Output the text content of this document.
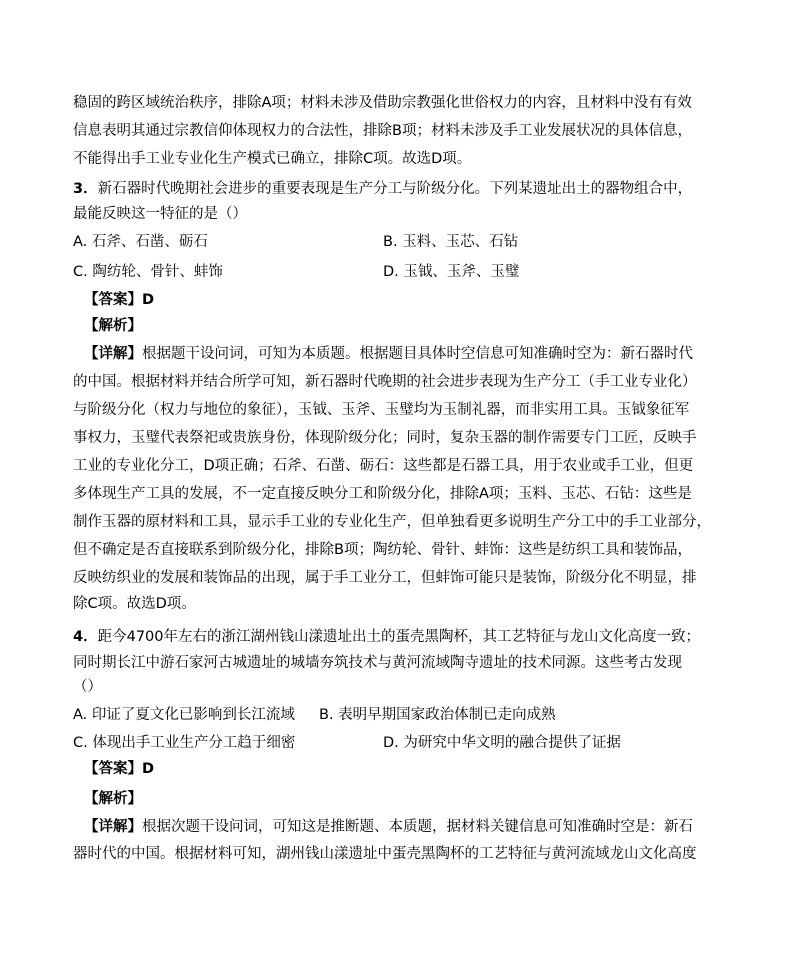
稳固的跨区域统治秩序，排除A项；材料未涉及借助宗教强化世俗权力的内容，且材料中没有有效
信息表明其通过宗教信仰体现权力的合法性，排除B项；材料未涉及手工业发展状况的具体信息，
不能得出手工业专业化生产模式已确立，排除C项。故选D项。
3．新石器时代晚期社会进步的重要表现是生产分工与阶级分化。下列某遗址出土的器物组合中，
最能反映这一特征的是（）
A. 石斧、石凿、砺石	B. 玉料、玉芯、石钻
C. 陶纺轮、骨针、蚌饰	D. 玉钺、玉斧、玉璧
【答案】D
【解析】
【详解】根据题干设问词，可知为本质题。根据题目具体时空信息可知准确时空为：新石器时代
的中国。根据材料并结合所学可知，新石器时代晚期的社会进步表现为生产分工（手工业专业化）
与阶级分化（权力与地位的象征），玉钺、玉斧、玉璧均为玉制礼器，而非实用工具。玉钺象征军
事权力，玉璧代表祭祀或贵族身份，体现阶级分化；同时，复杂玉器的制作需要专门工匠，反映手
工业的专业化分工，D项正确；石斧、石凿、砺石：这些都是石器工具，用于农业或手工业，但更
多体现生产工具的发展，不一定直接反映分工和阶级分化，排除A项；玉料、玉芯、石钻：这些是
制作玉器的原材料和工具，显示手工业的专业化生产，但单独看更多说明生产分工中的手工业部分，
但不确定是否直接联系到阶级分化，排除B项；陶纺轮、骨针、蚌饰：这些是纺织工具和装饰品，
反映纺织业的发展和装饰品的出现，属于手工业分工，但蚌饰可能只是装饰，阶级分化不明显，排
除C项。故选D项。
4．距今4700年左右的浙江湖州钱山漾遗址出土的蛋壳黑陶杯，其工艺特征与龙山文化高度一致；
同时期长江中游石家河古城遗址的城墙夯筑技术与黄河流域陶寺遗址的技术同源。这些考古发现
（）
A. 印证了夏文化已影响到长江流域 B. 表明早期国家政治体制已走向成熟
C. 体现出手工业生产分工趋于细密	D. 为研究中华文明的融合提供了证据
【答案】D
【解析】
【详解】根据次题干设问词，可知这是推断题、本质题，据材料关键信息可知准确时空是：新石
器时代的中国。根据材料可知，湖州钱山漾遗址中蛋壳黑陶杯的工艺特征与黄河流域龙山文化高度
